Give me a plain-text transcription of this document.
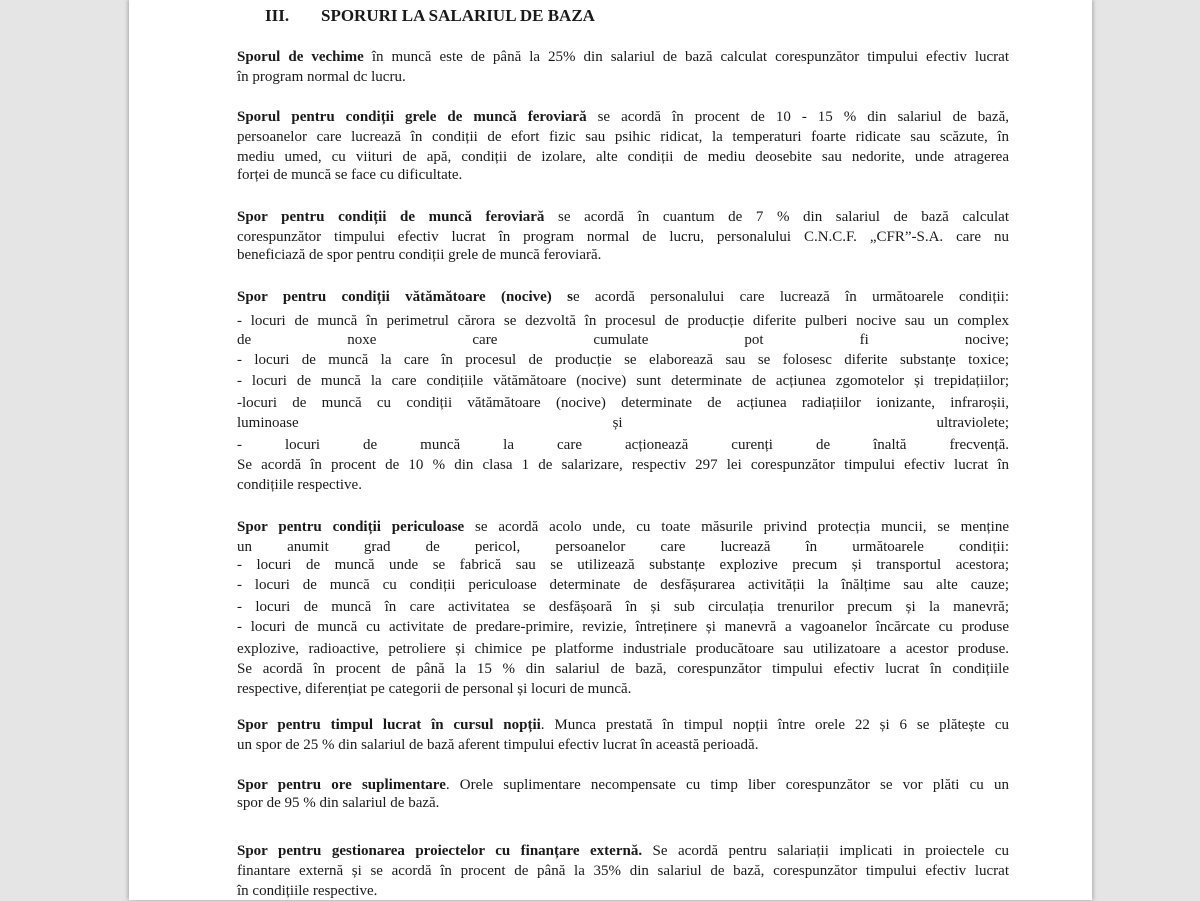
III. SPORURI LA SALARIUL DE BAZA
Sporul de vechime în muncă este de până la 25% din salariul de bază calculat corespunzător timpului efectiv lucrat
în program normal dc lucru.
Sporul pentru condiții grele de muncă feroviară se acordă în procent de 10 - 15 % din salariul de bază,
persoanelor care lucrează în condiții de efort fizic sau psihic ridicat, la temperaturi foarte ridicate sau scăzute, în
mediu umed, cu viituri de apă, condiții de izolare, alte condiții de mediu deosebite sau nedorite, unde atragerea
forței de muncă se face cu dificultate.
Spor pentru condiții de muncă feroviară se acordă în cuantum de 7 % din salariul de bază calculat
corespunzător timpului efectiv lucrat în program normal de lucru, personalului C.N.C.F. „CFR”-S.A. care nu
beneficiază de spor pentru condiții grele de muncă feroviară.
Spor pentru condiții vătămătoare (nocive) se acordă personalului care lucrează în următoarele condiții:
- locuri de muncă în perimetrul cărora se dezvoltă în procesul de producție diferite pulberi nocive sau un complex
de noxe care cumulate pot fi nocive;
- locuri de muncă la care în procesul de producție se elaborează sau se folosesc diferite substanțe toxice;
- locuri de muncă la care condițiile vătămătoare (nocive) sunt determinate de acțiunea zgomotelor și trepidațiilor;
-locuri de muncă cu condiții vătămătoare (nocive) determinate de acțiunea radiațiilor ionizante, infraroșii,
luminoase și ultraviolete;
- locuri de muncă la care acționează curenți de înaltă frecvență.
Se acordă în procent de 10 % din clasa 1 de salarizare, respectiv 297 lei corespunzător timpului efectiv lucrat în
condițiile respective.
Spor pentru condiții periculoase se acordă acolo unde, cu toate măsurile privind protecția muncii, se menține
un anumit grad de pericol, persoanelor care lucrează în următoarele condiții:
- locuri de muncă unde se fabrică sau se utilizează substanțe explozive precum și transportul acestora;
- locuri de muncă cu condiții periculoase determinate de desfășurarea activității la înălțime sau alte cauze;
- locuri de muncă în care activitatea se desfășoară în și sub circulația trenurilor precum și la manevră;
- locuri de muncă cu activitate de predare-primire, revizie, întreținere și manevră a vagoanelor încărcate cu produse
explozive, radioactive, petroliere și chimice pe platforme industriale producătoare sau utilizatoare a acestor produse.
Se acordă în procent de până la 15 % din salariul de bază, corespunzător timpului efectiv lucrat în condițiile
respective, diferențiat pe categorii de personal și locuri de muncă.
Spor pentru timpul lucrat în cursul nopții. Munca prestată în timpul nopții între orele 22 și 6 se plătește cu
un spor de 25 % din salariul de bază aferent timpului efectiv lucrat în această perioadă.
Spor pentru ore suplimentare. Orele suplimentare necompensate cu timp liber corespunzător se vor plăti cu un
spor de 95 % din salariul de bază.
Spor pentru gestionarea proiectelor cu finanțare externă. Se acordă pentru salariații implicati in proiectele cu
finantare externă și se acordă în procent de până la 35% din salariul de bază, corespunzător timpului efectiv lucrat
în condițiile respective.
